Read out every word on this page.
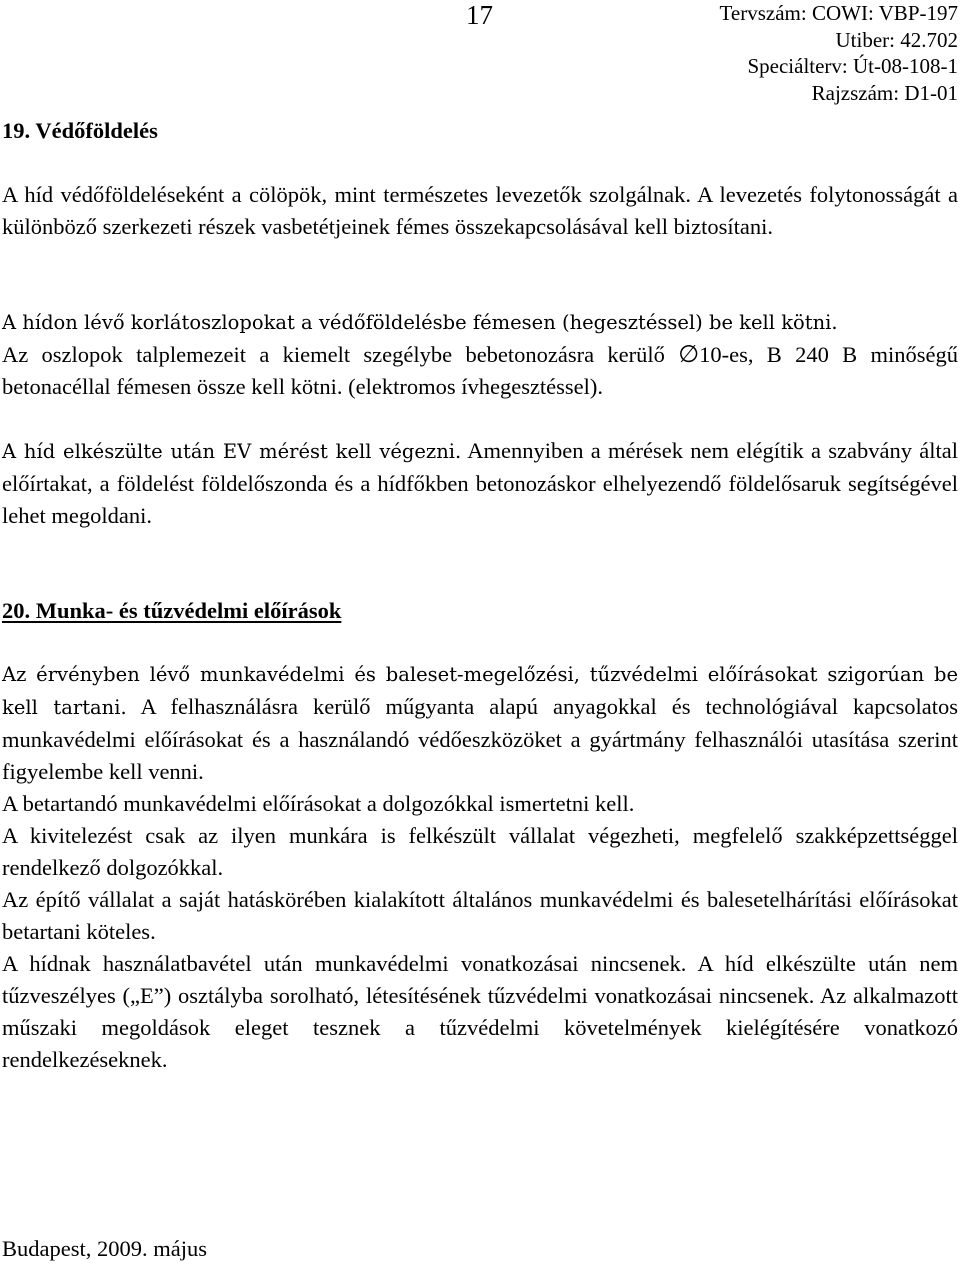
17	Tervszám: COWI: VBP-197
Utiber: 42.702
Speciálterv: Út-08-108-1
Rajzszám: D1-01
19. Védőföldelés
A híd védőföldeléseként a cölöpök, mint természetes levezetők szolgálnak. A levezetés folytonosságát a különböző szerkezeti részek vasbetétjeinek fémes összekapcsolásával kell biztosítani.
A hídon lévő korlátoszlopokat a védőföldelésbe fémesen (hegesztéssel) be kell kötni.
Az oszlopok talplemezeit a kiemelt szegélybe bebetonozásra kerülő ∅10-es, B 240 B minőségű betonacéllal fémesen össze kell kötni. (elektromos ívhegesztéssel).
A híd elkészülte után EV mérést kell végezni. Amennyiben a mérések nem elégítik a szabvány által előírtakat, a földelést földelőszonda és a hídfőkben betonozáskor elhelyezendő földelősaruk segítségével lehet megoldani.
20. Munka- és tűzvédelmi előírások

Az érvényben lévő munkavédelmi és baleset-megelőzési, tűzvédelmi előírásokat szigorúan be kell tartani. A felhasználásra kerülő műgyanta alapú anyagokkal és technológiával kapcsolatos munkavédelmi előírásokat és a használandó védőeszközöket a gyártmány felhasználói utasítása szerint figyelembe kell venni.

A betartandó munkavédelmi előírásokat a dolgozókkal ismertetni kell.

A kivitelezést csak az ilyen munkára is felkészült vállalat végezheti, megfelelő szakképzettséggel rendelkező dolgozókkal.

Az építő vállalat a saját hatáskörében kialakított általános munkavédelmi és balesetelhárítási előírásokat betartani köteles.

A hídnak használatbavétel után munkavédelmi vonatkozásai nincsenek. A híd elkészülte után nem tűzveszélyes („E”) osztályba sorolható, létesítésének tűzvédelmi vonatkozásai nincsenek. Az alkalmazott műszaki megoldások eleget tesznek a tűzvédelmi követelmények kielégítésére vonatkozó rendelkezéseknek.

Budapest, 2009. május
